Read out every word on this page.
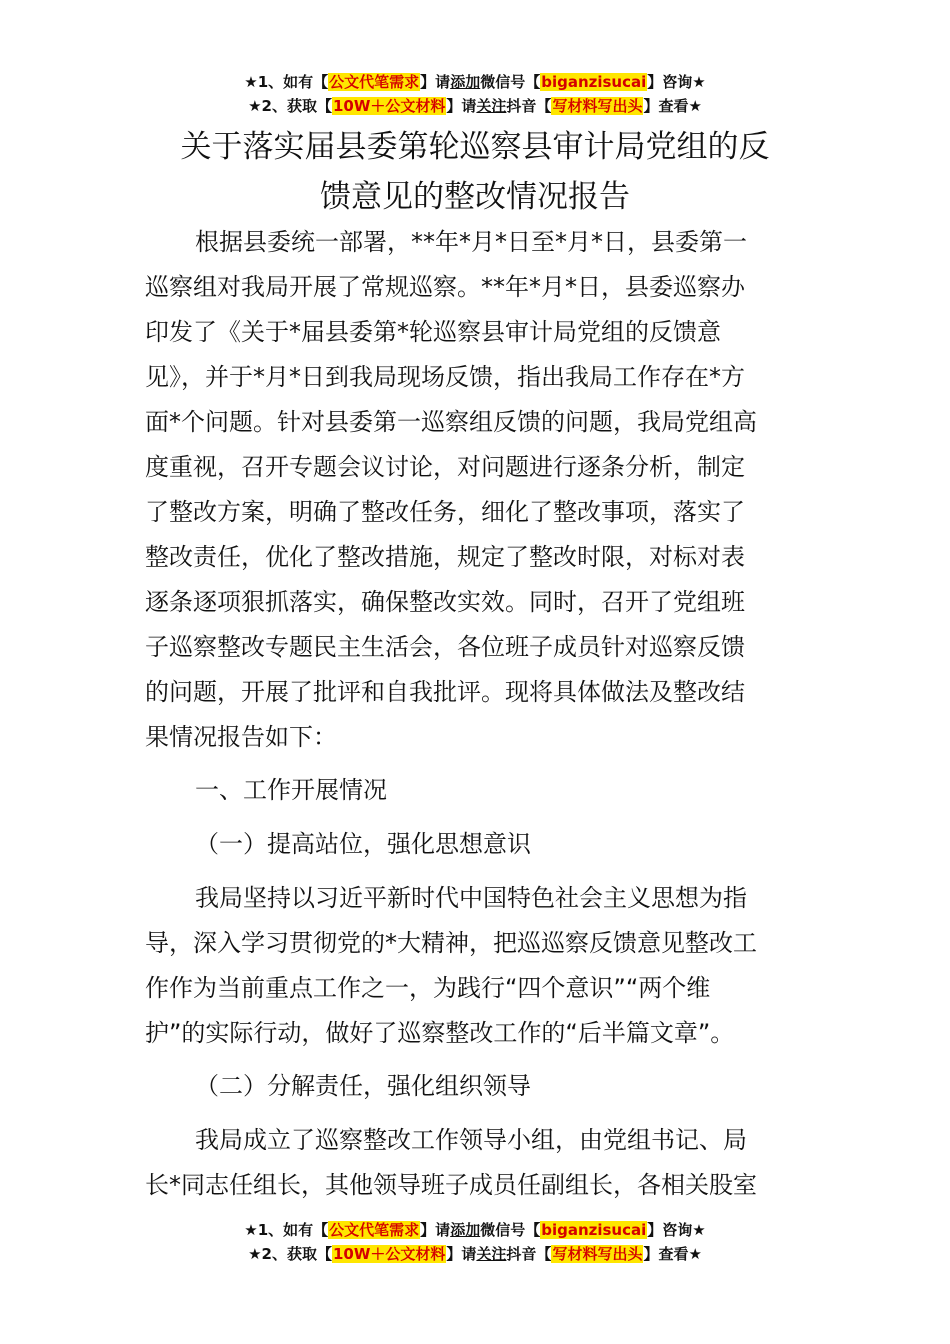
★1、如有【公文代笔需求】请添加微信号【biganzisucai】咨询★
★2、获取【10W＋公文材料】请关注抖音【写材料写出头】查看★
关于落实届县委第轮巡察县审计局党组的反
馈意见的整改情况报告
根据县委统一部署，**年*月*日至*月*日，县委第一
巡察组对我局开展了常规巡察。**年*月*日，县委巡察办
印发了《关于*届县委第*轮巡察县审计局党组的反馈意
见》，并于*月*日到我局现场反馈，指出我局工作存在*方
面*个问题。针对县委第一巡察组反馈的问题，我局党组高
度重视，召开专题会议讨论，对问题进行逐条分析，制定
了整改方案，明确了整改任务，细化了整改事项，落实了
整改责任，优化了整改措施，规定了整改时限，对标对表
逐条逐项狠抓落实，确保整改实效。同时，召开了党组班
子巡察整改专题民主生活会，各位班子成员针对巡察反馈
的问题，开展了批评和自我批评。现将具体做法及整改结
果情况报告如下：
一、工作开展情况
（一）提高站位，强化思想意识
我局坚持以习近平新时代中国特色社会主义思想为指
导，深入学习贯彻党的*大精神，把巡巡察反馈意见整改工
作作为当前重点工作之一，为践行“四个意识”“两个维
护”的实际行动，做好了巡察整改工作的“后半篇文章”。
（二）分解责任，强化组织领导
我局成立了巡察整改工作领导小组，由党组书记、局
长*同志任组长，其他领导班子成员任副组长，各相关股室
★1、如有【公文代笔需求】请添加微信号【biganzisucai】咨询★
★2、获取【10W＋公文材料】请关注抖音【写材料写出头】查看★
